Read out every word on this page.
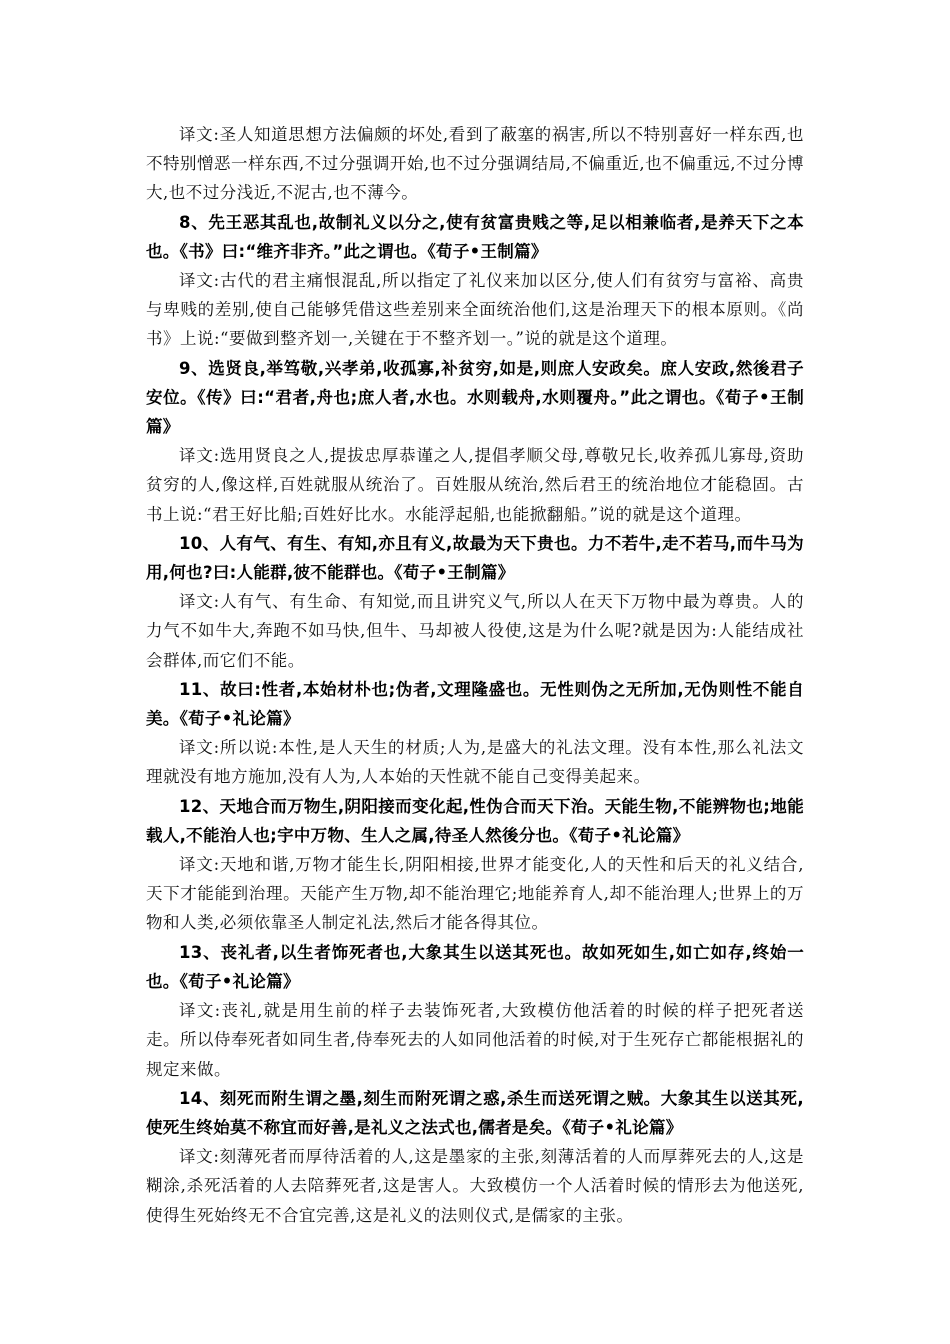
译文:圣人知道思想方法偏颇的坏处,看到了蔽塞的祸害,所以不特别喜好一样东西,也不特别憎恶一样东西,不过分强调开始,也不过分强调结局,不偏重近,也不偏重远,不过分博大,也不过分浅近,不泥古,也不薄今。

8、先王恶其乱也,故制礼义以分之,使有贫富贵贱之等,足以相兼临者,是养天下之本也。《书》曰:“维齐非齐。”此之谓也。《荀子•王制篇》

译文:古代的君主痛恨混乱,所以指定了礼仪来加以区分,使人们有贫穷与富裕、高贵与卑贱的差别,使自己能够凭借这些差别来全面统治他们,这是治理天下的根本原则。《尚书》上说:“要做到整齐划一,关键在于不整齐划一。”说的就是这个道理。

9、选贤良,举笃敬,兴孝弟,收孤寡,补贫穷,如是,则庶人安政矣。庶人安政,然後君子安位。《传》曰:“君者,舟也;庶人者,水也。水则载舟,水则覆舟。”此之谓也。《荀子•王制篇》

译文:选用贤良之人,提拔忠厚恭谨之人,提倡孝顺父母,尊敬兄长,收养孤儿寡母,资助贫穷的人,像这样,百姓就服从统治了。百姓服从统治,然后君王的统治地位才能稳固。古书上说:“君王好比船;百姓好比水。水能浮起船,也能掀翻船。”说的就是这个道理。

10、人有气、有生、有知,亦且有义,故最为天下贵也。力不若牛,走不若马,而牛马为用,何也?曰:人能群,彼不能群也。《荀子•王制篇》

译文:人有气、有生命、有知觉,而且讲究义气,所以人在天下万物中最为尊贵。人的力气不如牛大,奔跑不如马快,但牛、马却被人役使,这是为什么呢?就是因为:人能结成社会群体,而它们不能。

11、故曰:性者,本始材朴也;伪者,文理隆盛也。无性则伪之无所加,无伪则性不能自美。《荀子•礼论篇》

译文:所以说:本性,是人天生的材质;人为,是盛大的礼法文理。没有本性,那么礼法文理就没有地方施加,没有人为,人本始的天性就不能自己变得美起来。

12、天地合而万物生,阴阳接而变化起,性伪合而天下治。天能生物,不能辨物也;地能载人,不能治人也;宇中万物、生人之属,待圣人然後分也。《荀子•礼论篇》

译文:天地和谐,万物才能生长,阴阳相接,世界才能变化,人的天性和后天的礼义结合,天下才能能到治理。天能产生万物,却不能治理它;地能养育人,却不能治理人;世界上的万物和人类,必须依靠圣人制定礼法,然后才能各得其位。

13、丧礼者,以生者饰死者也,大象其生以送其死也。故如死如生,如亡如存,终始一也。《荀子•礼论篇》

译文:丧礼,就是用生前的样子去装饰死者,大致模仿他活着的时候的样子把死者送走。所以侍奉死者如同生者,侍奉死去的人如同他活着的时候,对于生死存亡都能根据礼的规定来做。

14、刻死而附生谓之墨,刻生而附死谓之惑,杀生而送死谓之贼。大象其生以送其死,使死生终始莫不称宜而好善,是礼义之法式也,儒者是矣。《荀子•礼论篇》

译文:刻薄死者而厚待活着的人,这是墨家的主张,刻薄活着的人而厚葬死去的人,这是糊涂,杀死活着的人去陪葬死者,这是害人。大致模仿一个人活着时候的情形去为他送死,使得生死始终无不合宜完善,这是礼义的法则仪式,是儒家的主张。
